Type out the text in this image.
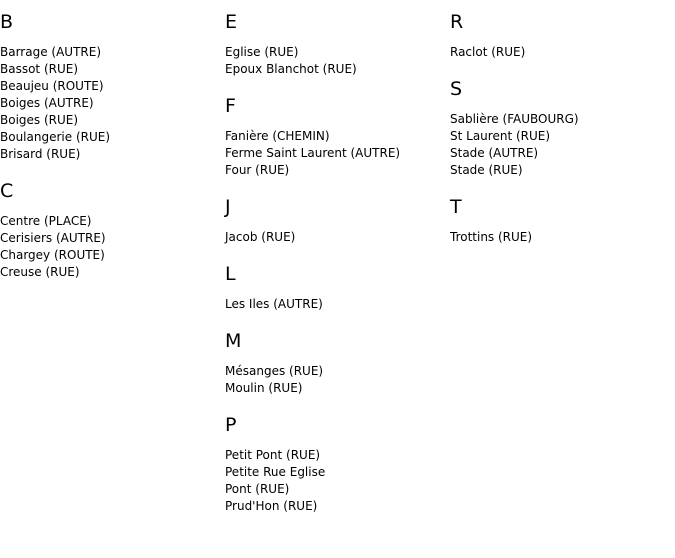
B
Barrage (AUTRE)
Bassot (RUE)
Beaujeu (ROUTE)
Boiges (AUTRE)
Boiges (RUE)
Boulangerie (RUE)
Brisard (RUE)
C
Centre (PLACE)
Cerisiers (AUTRE)
Chargey (ROUTE)
Creuse (RUE)
E
Eglise (RUE)
Epoux Blanchot (RUE)
F
Fanière (CHEMIN)
Ferme Saint Laurent (AUTRE)
Four (RUE)
J
Jacob (RUE)
L
Les Iles (AUTRE)
M
Mésanges (RUE)
Moulin (RUE)
P
Petit Pont (RUE)
Petite Rue Eglise
Pont (RUE)
Prud'Hon (RUE)
R
Raclot (RUE)
S
Sablière (FAUBOURG)
St Laurent (RUE)
Stade (AUTRE)
Stade (RUE)
T
Trottins (RUE)
